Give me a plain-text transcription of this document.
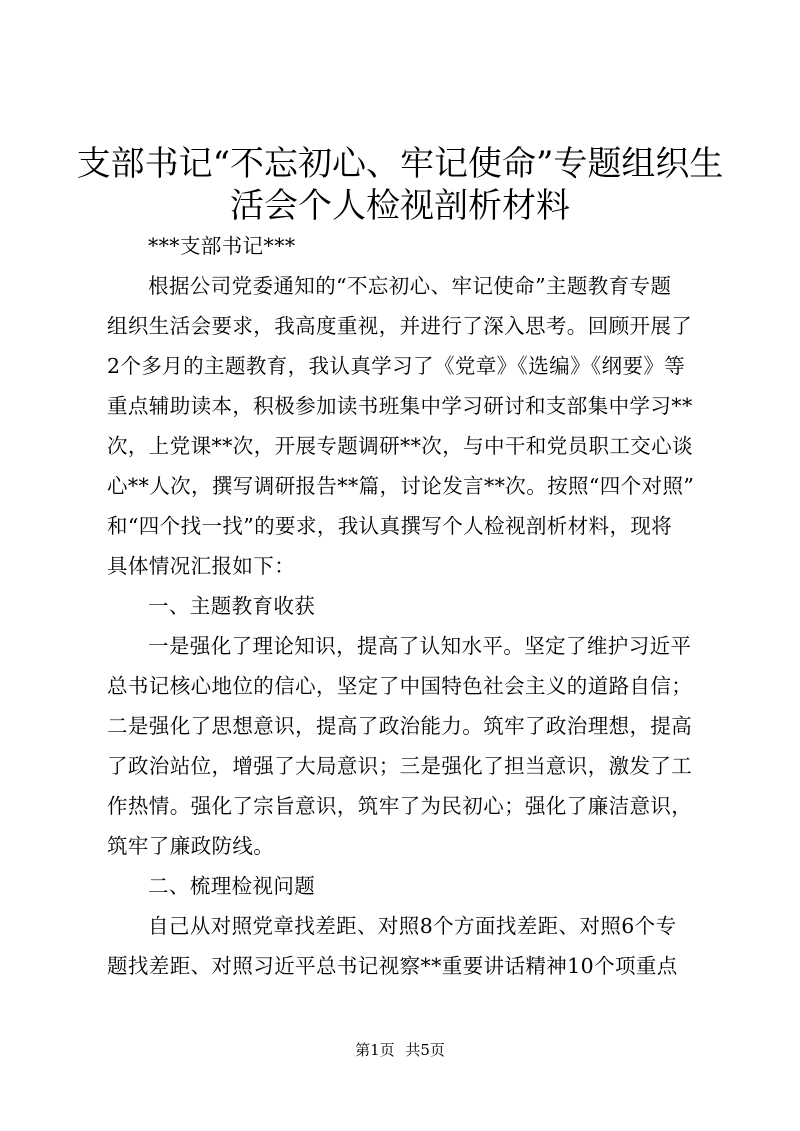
支部书记“不忘初心、牢记使命”专题组织生
活会个人检视剖析材料
***支部书记***
根据公司党委通知的“不忘初心、牢记使命”主题教育专题
组织生活会要求，我高度重视，并进行了深入思考。回顾开展了
2个多月的主题教育，我认真学习了《党章》《选编》《纲要》等
重点辅助读本，积极参加读书班集中学习研讨和支部集中学习**
次，上党课**次，开展专题调研**次，与中干和党员职工交心谈
心**人次，撰写调研报告**篇，讨论发言**次。按照“四个对照”
和“四个找一找”的要求，我认真撰写个人检视剖析材料，现将
具体情况汇报如下：
一、主题教育收获
一是强化了理论知识，提高了认知水平。坚定了维护习近平
总书记核心地位的信心，坚定了中国特色社会主义的道路自信；
二是强化了思想意识，提高了政治能力。筑牢了政治理想，提高
了政治站位，增强了大局意识；三是强化了担当意识，激发了工
作热情。强化了宗旨意识，筑牢了为民初心；强化了廉洁意识，
筑牢了廉政防线。
二、梳理检视问题
自己从对照党章找差距、对照8个方面找差距、对照6个专
题找差距、对照习近平总书记视察**重要讲话精神10个项重点
第1页 共5页
